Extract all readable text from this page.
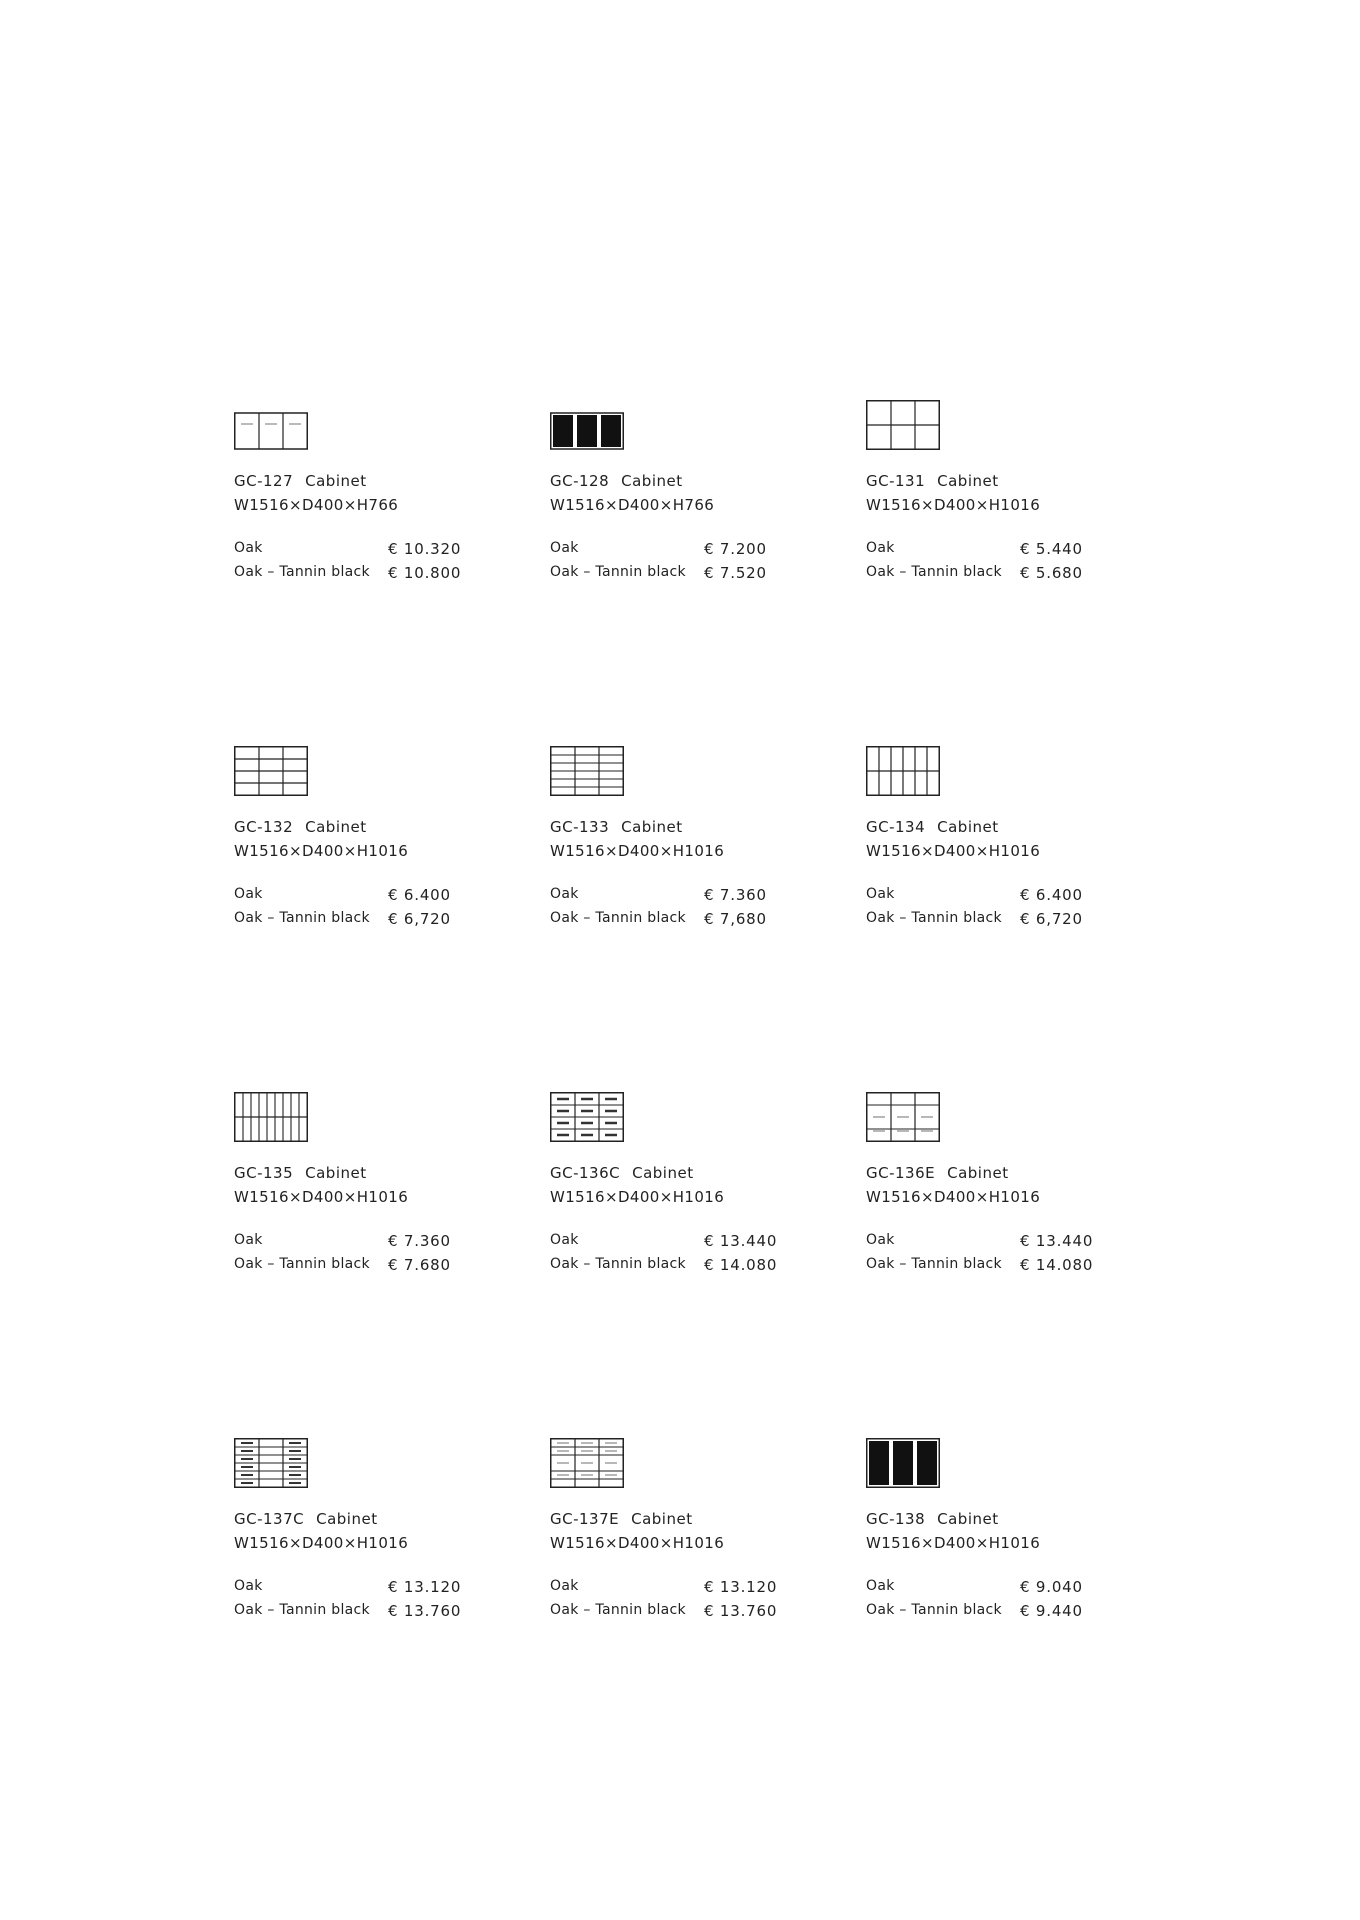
GC-127 Cabinet
W1516×D400×H766
Oak	€ 10.320
Oak – Tannin black € 10.800
GC-128 Cabinet
W1516×D400×H766
Oak	€ 7.200
Oak – Tannin black € 7.520
GC-131 Cabinet
W1516×D400×H1016
Oak	€ 5.440
Oak – Tannin black € 5.680
GC-132 Cabinet
W1516×D400×H1016
Oak	€ 6.400
Oak – Tannin black € 6,720
GC-133 Cabinet
W1516×D400×H1016
Oak	€ 7.360
Oak – Tannin black € 7,680
GC-134 Cabinet
W1516×D400×H1016
Oak	€ 6.400
Oak – Tannin black € 6,720
GC-135 Cabinet
W1516×D400×H1016
Oak	€ 7.360
Oak – Tannin black € 7.680
GC-136C Cabinet
W1516×D400×H1016
Oak	€ 13.440
Oak – Tannin black € 14.080
GC-136E Cabinet
W1516×D400×H1016
Oak	€ 13.440
Oak – Tannin black € 14.080
GC-137C Cabinet
W1516×D400×H1016
Oak	€ 13.120
Oak – Tannin black € 13.760
GC-137E Cabinet
W1516×D400×H1016
Oak	€ 13.120
Oak – Tannin black € 13.760
GC-138 Cabinet
W1516×D400×H1016
Oak	€ 9.040
Oak – Tannin black € 9.440
